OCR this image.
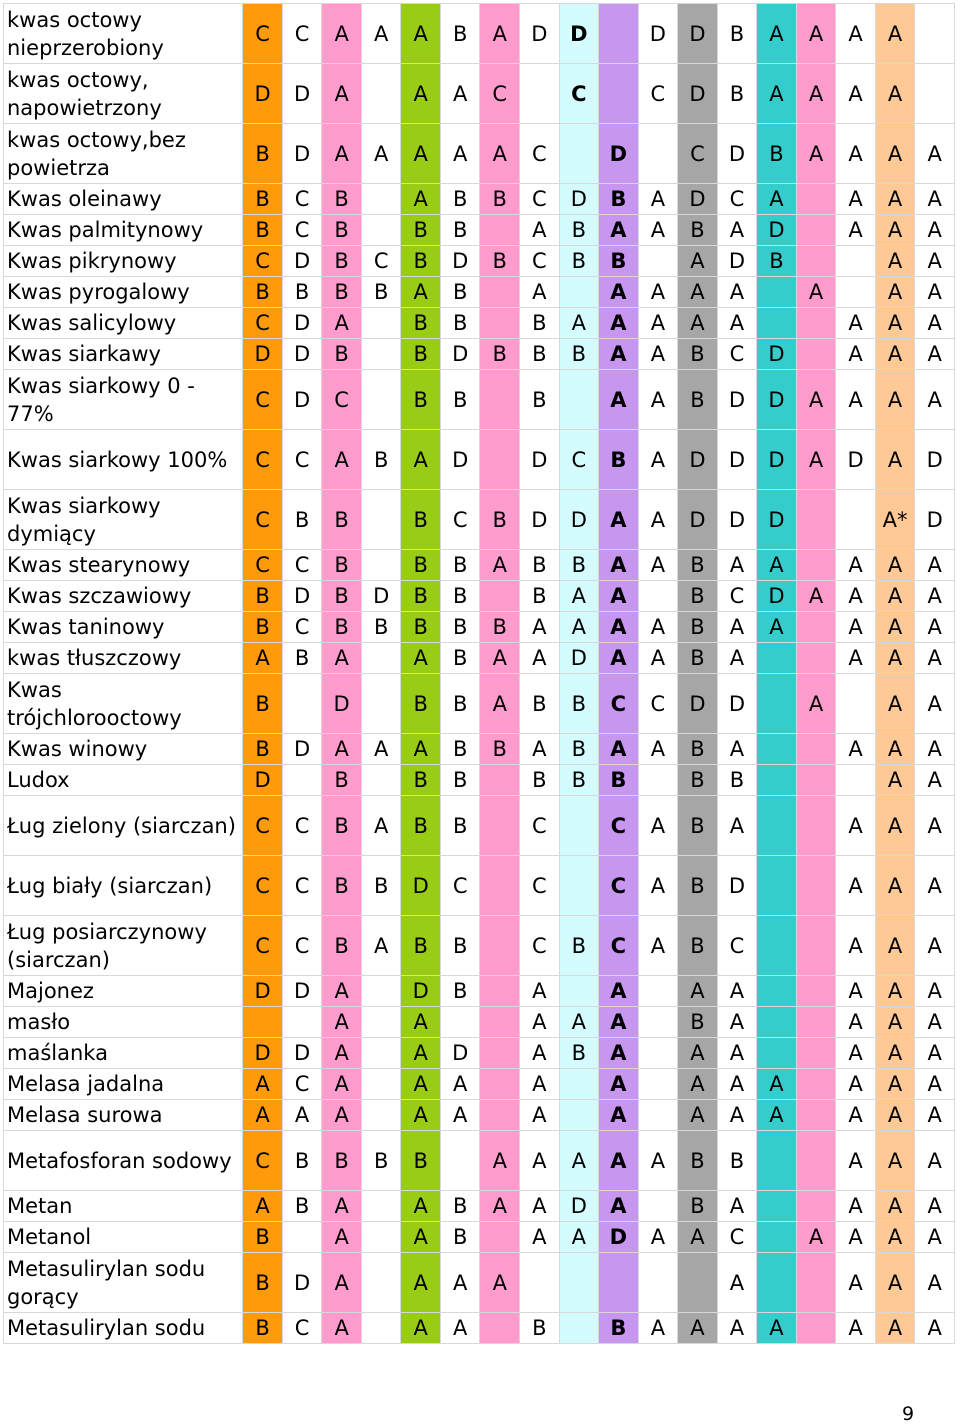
kwas octowy nieprzerobiony	C	C	A	A	A	B	A	D	D		D	D	B	A	A	A	A	
kwas octowy, napowietrzony	D	D	A		A	A	C		C		C	D	B	A	A	A	A	
kwas octowy,bez powietrza	B	D	A	A	A	A	A	C		D		C	D	B	A	A	A	A
Kwas oleinawy	B	C	B		A	B	B	C	D	B	A	D	C	A		A	A	A
Kwas palmitynowy	B	C	B		B	B		A	B	A	A	B	A	D		A	A	A
Kwas pikrynowy	C	D	B	C	B	D	B	C	B	B		A	D	B			A	A
Kwas pyrogalowy	B	B	B	B	A	B		A		A	A	A	A		A		A	A
Kwas salicylowy	C	D	A		B	B		B	A	A	A	A	A			A	A	A
Kwas siarkawy	D	D	B		B	D	B	B	B	A	A	B	C	D		A	A	A
Kwas siarkowy 0 - 77%	C	D	C		B	B		B		A	A	B	D	D	A	A	A	A
Kwas siarkowy 100%	C	C	A	B	A	D		D	C	B	A	D	D	D	A	D	A	D
Kwas siarkowy dymiący	C	B	B		B	C	B	D	D	A	A	D	D	D			A*	D
Kwas stearynowy	C	C	B		B	B	A	B	B	A	A	B	A	A		A	A	A
Kwas szczawiowy	B	D	B	D	B	B		B	A	A		B	C	D	A	A	A	A
Kwas taninowy	B	C	B	B	B	B	B	A	A	A	A	B	A	A		A	A	A
kwas tłuszczowy	A	B	A		A	B	A	A	D	A	A	B	A			A	A	A
Kwas trójchlorooctowy	B		D		B	B	A	B	B	C	C	D	D		A		A	A
Kwas winowy	B	D	A	A	A	B	B	A	B	A	A	B	A			A	A	A
Ludox	D		B		B	B		B	B	B		B	B				A	A
Ług zielony (siarczan)	C	C	B	A	B	B		C		C	A	B	A			A	A	A
Ług biały (siarczan)	C	C	B	B	D	C		C		C	A	B	D			A	A	A
Ług posiarczynowy (siarczan)	C	C	B	A	B	B		C	B	C	A	B	C			A	A	A
Majonez	D	D	A		D	B		A		A		A	A			A	A	A
masło			A		A			A	A	A		B	A			A	A	A
maślanka	D	D	A		A	D		A	B	A		A	A			A	A	A
Melasa jadalna	A	C	A		A	A		A		A		A	A	A		A	A	A
Melasa surowa	A	A	A		A	A		A		A		A	A	A		A	A	A
Metafosforan sodowy	C	B	B	B	B		A	A	A	A	A	B	B			A	A	A
Metan	A	B	A		A	B	A	A	D	A		B	A			A	A	A
Metanol	B		A		A	B		A	A	D	A	A	C		A	A	A	A
Metasulirylan sodu gorący	B	D	A		A	A	A						A			A	A	A
Metasulirylan sodu	B	C	A		A	A		B		B	A	A	A	A		A	A	A
9
